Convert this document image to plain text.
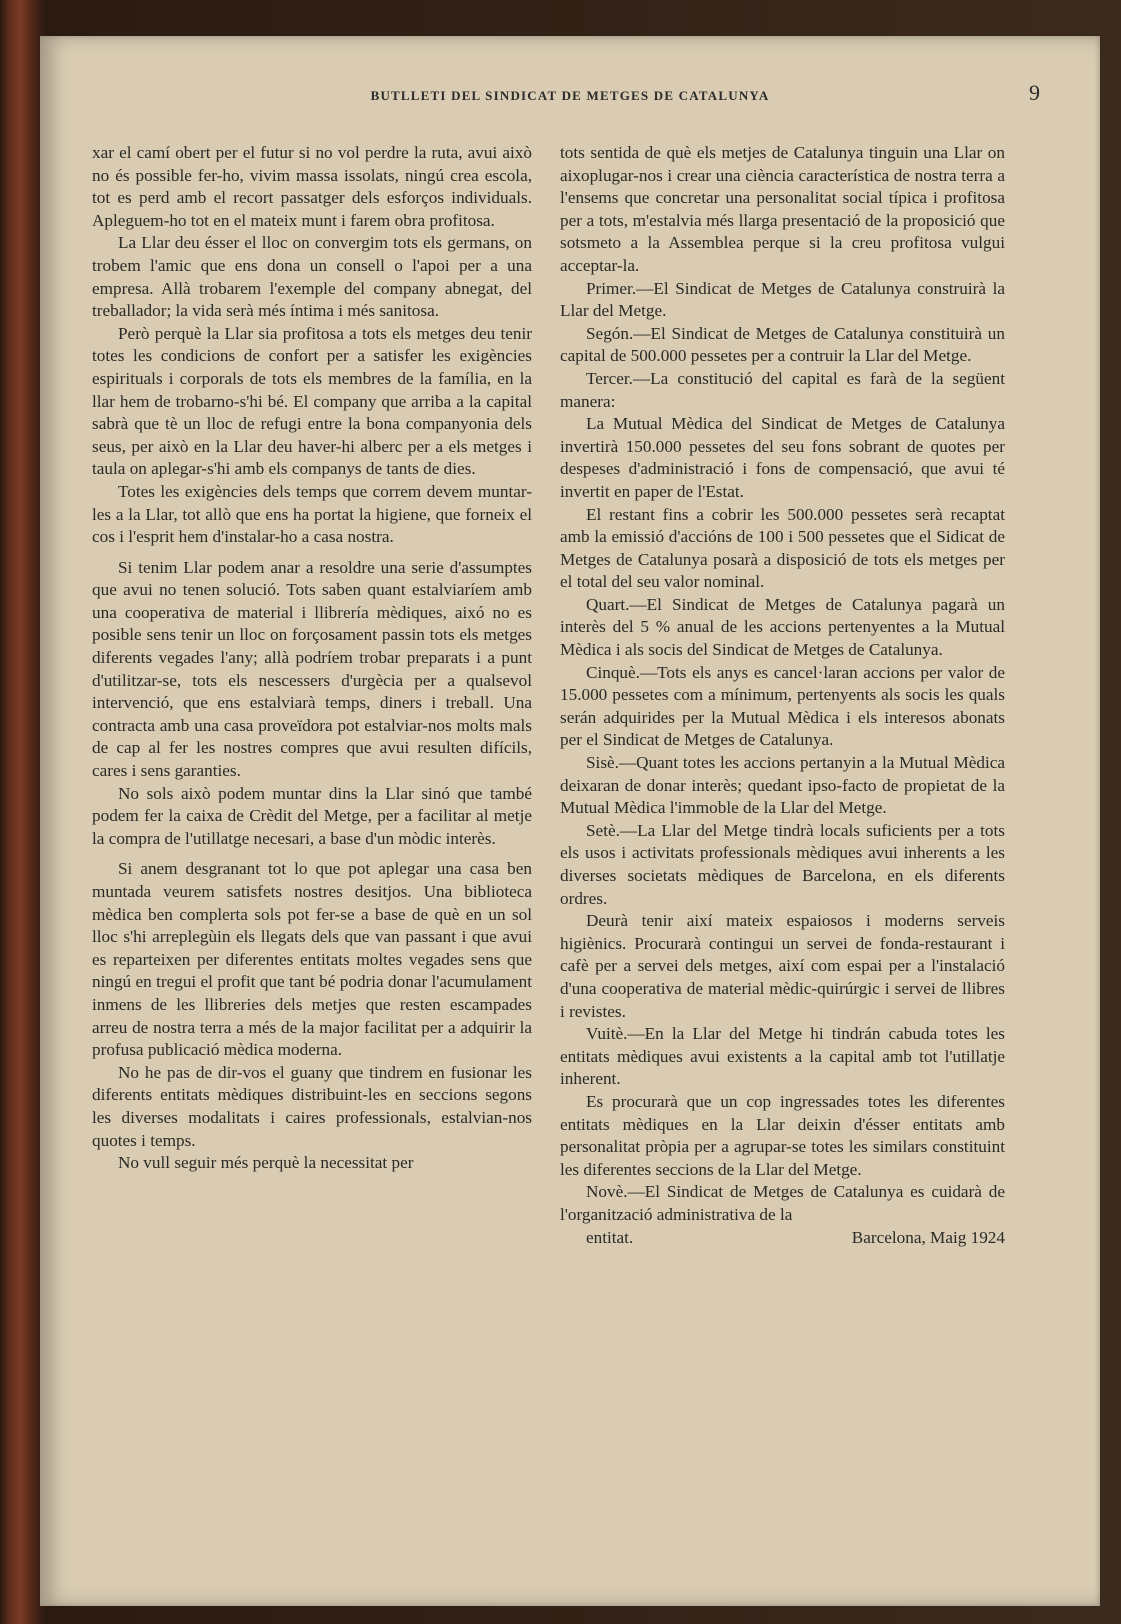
BUTLLETI DEL SINDICAT DE METGES DE CATALUNYA	9

xar el camí obert per el futur si no vol perdre la ruta, avui això no és possible fer-ho, vivim massa issolats, ningú crea escola, tot es perd amb el recort passatger dels esforços individuals. Apleguem-ho tot en el mateix munt i farem obra profitosa.

La Llar deu ésser el lloc on convergim tots els germans, on trobem l'amic que ens dona un consell o l'apoi per a una empresa. Allà trobarem l'exemple del company abnegat, del treballador; la vida serà més íntima i més sanitosa.

Però perquè la Llar sia profitosa a tots els metges deu tenir totes les condicions de confort per a satisfer les exigències espirituals i corporals de tots els membres de la família, en la llar hem de trobarno-s'hi bé. El company que arriba a la capital sabrà que tè un lloc de refugi entre la bona companyonia dels seus, per això en la Llar deu haver-hi alberc per a els metges i taula on aplegar-s'hi amb els companys de tants de dies.

Totes les exigències dels temps que correm devem muntar-les a la Llar, tot allò que ens ha portat la higiene, que forneix el cos i l'esprit hem d'instalar-ho a casa nostra.

Si tenim Llar podem anar a resoldre una serie d'assumptes que avui no tenen solució. Tots saben quant estalviaríem amb una cooperativa de material i llibrería mèdiques, aixó no es posible sens tenir un lloc on forçosament passin tots els metges diferents vegades l'any; allà podríem trobar preparats i a punt d'utilitzar-se, tots els nescessers d'urgècia per a qualsevol intervenció, que ens estalviarà temps, diners i treball. Una contracta amb una casa proveïdora pot estalviar-nos molts mals de cap al fer les nostres compres que avui resulten difícils, cares i sens garanties.

No sols això podem muntar dins la Llar sinó que també podem fer la caixa de Crèdit del Metge, per a facilitar al metje la compra de l'utillatge necesari, a base d'un mòdic interès.

Si anem desgranant tot lo que pot aplegar una casa ben muntada veurem satisfets nostres desitjos. Una biblioteca mèdica ben complerta sols pot fer-se a base de què en un sol lloc s'hi arreplegùin els llegats dels que van passant i que avui es reparteixen per diferentes entitats moltes vegades sens que ningú en tregui el profit que tant bé podria donar l'acumulament inmens de les llibreries dels metjes que resten escampades arreu de nostra terra a més de la major facilitat per a adquirir la profusa publicació mèdica moderna.

No he pas de dir-vos el guany que tindrem en fusionar les diferents entitats mèdiques distribuint-les en seccions segons les diverses modalitats i caires professionals, estalvian-nos quotes i temps.

No vull seguir més perquè la necessitat per

tots sentida de què els metjes de Catalunya tinguin una Llar on aixoplugar-nos i crear una ciència característica de nostra terra a l'ensems que concretar una personalitat social típica i profitosa per a tots, m'estalvia més llarga presentació de la proposició que sotsmeto a la Assemblea perque si la creu profitosa vulgui acceptar-la.

Primer.—El Sindicat de Metges de Catalunya construirà la Llar del Metge.

Segón.—El Sindicat de Metges de Catalunya constituirà un capital de 500.000 pessetes per a contruir la Llar del Metge.

Tercer.—La constitució del capital es farà de la següent manera:

La Mutual Mèdica del Sindicat de Metges de Catalunya invertirà 150.000 pessetes del seu fons sobrant de quotes per despeses d'administració i fons de compensació, que avui té invertit en paper de l'Estat.

El restant fins a cobrir les 500.000 pessetes serà recaptat amb la emissió d'accións de 100 i 500 pessetes que el Sidicat de Metges de Catalunya posarà a disposició de tots els metges per el total del seu valor nominal.

Quart.—El Sindicat de Metges de Catalunya pagarà un interès del 5 % anual de les accions pertenyentes a la Mutual Mèdica i als socis del Sindicat de Metges de Catalunya.

Cinquè.—Tots els anys es cancel·laran accions per valor de 15.000 pessetes com a mínimum, pertenyents als socis les quals serán adquirides per la Mutual Mèdica i els interesos abonats per el Sindicat de Metges de Catalunya.

Sisè.—Quant totes les accions pertanyin a la Mutual Mèdica deixaran de donar interès; quedant ipso-facto de propietat de la Mutual Mèdica l'immoble de la Llar del Metge.

Setè.—La Llar del Metge tindrà locals suficients per a tots els usos i activitats professionals mèdiques avui inherents a les diverses societats mèdiques de Barcelona, en els diferents ordres.

Deurà tenir així mateix espaiosos i moderns serveis higiènics. Procurarà contingui un servei de fonda-restaurant i cafè per a servei dels metges, així com espai per a l'instalació d'una cooperativa de material mèdic-quirúrgic i servei de llibres i revistes.

Vuitè.—En la Llar del Metge hi tindrán cabuda totes les entitats mèdiques avui existents a la capital amb tot l'utillatje inherent.

Es procurarà que un cop ingressades totes les diferentes entitats mèdiques en la Llar deixin d'ésser entitats amb personalitat pròpia per a agrupar-se totes les similars constituint les diferentes seccions de la Llar del Metge.

Novè.—El Sindicat de Metges de Catalunya es cuidarà de l'organització administrativa de la

entitat.	Barcelona, Maig 1924
